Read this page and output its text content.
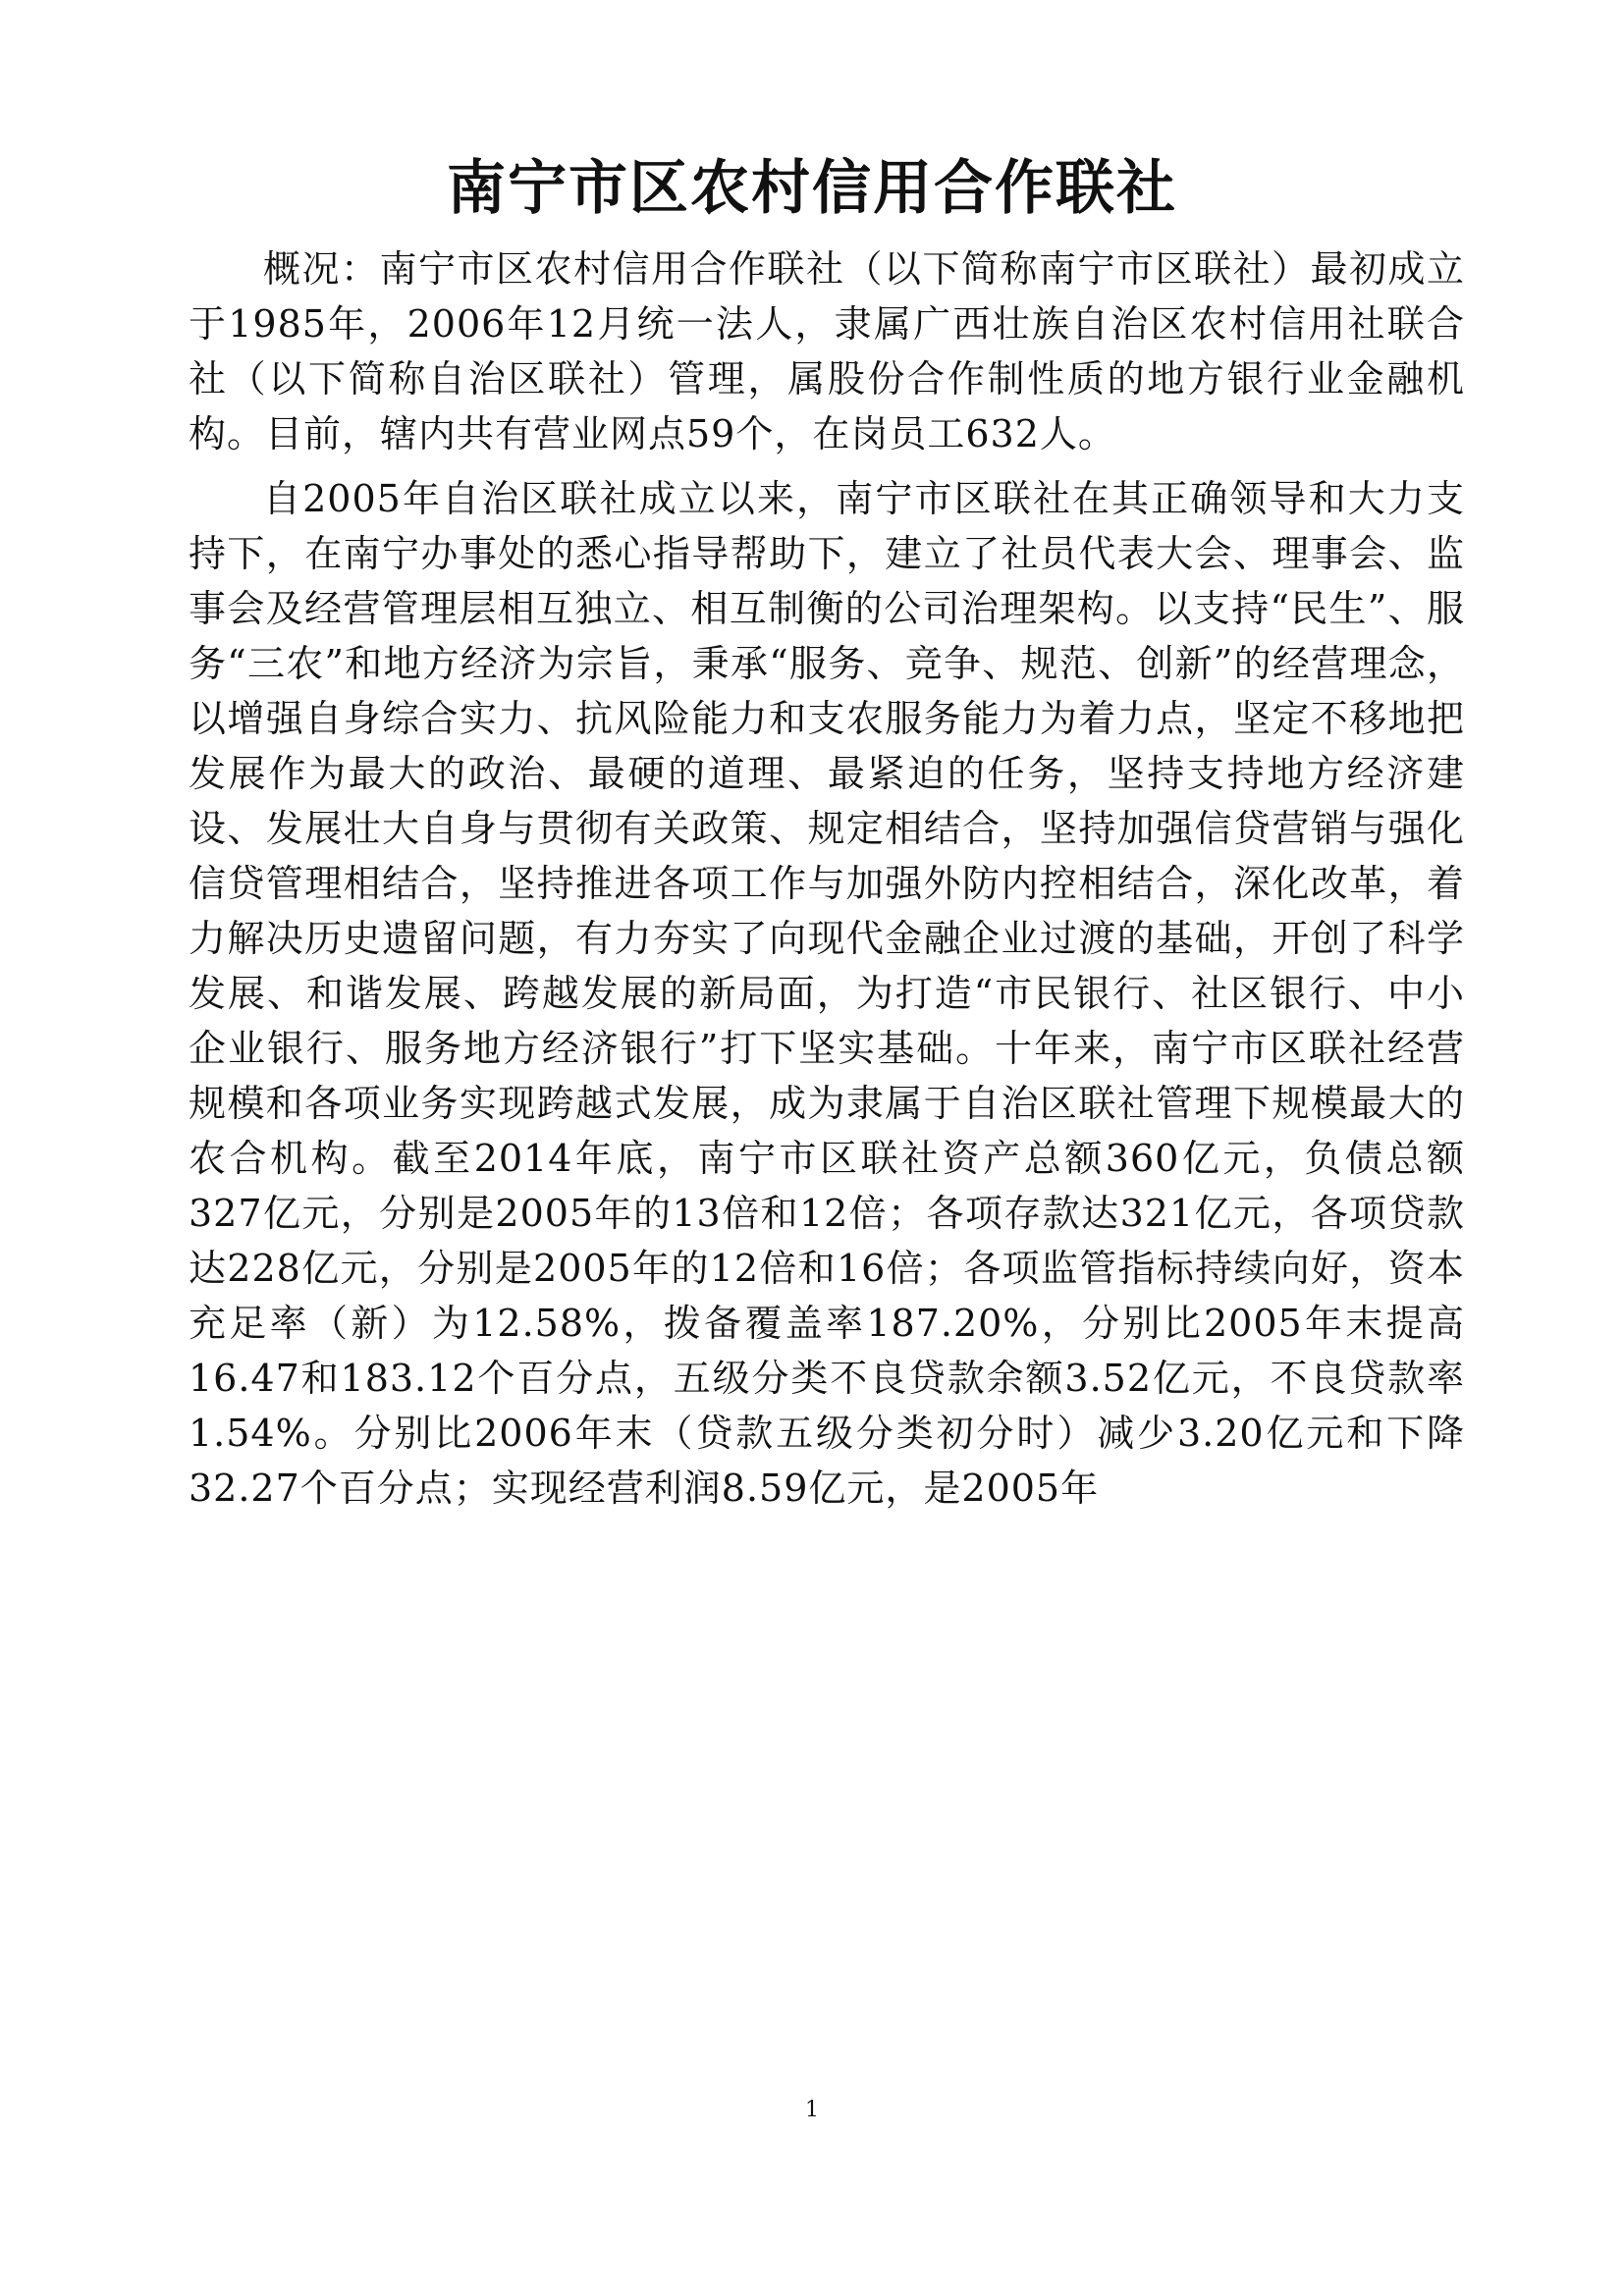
南宁市区农村信用合作联社

概况：南宁市区农村信用合作联社（以下简称南宁市区联社）最初成立于1985年，2006年12月统一法人，隶属广西壮族自治区农村信用社联合社（以下简称自治区联社）管理，属股份合作制性质的地方银行业金融机构。目前，辖内共有营业网点59个，在岗员工632人。

自2005年自治区联社成立以来，南宁市区联社在其正确领导和大力支持下，在南宁办事处的悉心指导帮助下，建立了社员代表大会、理事会、监事会及经营管理层相互独立、相互制衡的公司治理架构。以支持“民生”、服务“三农”和地方经济为宗旨，秉承“服务、竞争、规范、创新”的经营理念，以增强自身综合实力、抗风险能力和支农服务能力为着力点，坚定不移地把发展作为最大的政治、最硬的道理、最紧迫的任务，坚持支持地方经济建设、发展壮大自身与贯彻有关政策、规定相结合，坚持加强信贷营销与强化信贷管理相结合，坚持推进各项工作与加强外防内控相结合，深化改革，着力解决历史遗留问题，有力夯实了向现代金融企业过渡的基础，开创了科学发展、和谐发展、跨越发展的新局面，为打造“市民银行、社区银行、中小企业银行、服务地方经济银行”打下坚实基础。十年来，南宁市区联社经营规模和各项业务实现跨越式发展，成为隶属于自治区联社管理下规模最大的农合机构。截至2014年底，南宁市区联社资产总额360亿元，负债总额327亿元，分别是2005年的13倍和12倍；各项存款达321亿元，各项贷款达228亿元，分别是2005年的12倍和16倍；各项监管指标持续向好，资本充足率（新）为12.58%，拨备覆盖率187.20%，分别比2005年末提高16.47和183.12个百分点，五级分类不良贷款余额3.52亿元，不良贷款率1.54%。分别比2006年末（贷款五级分类初分时）减少3.20亿元和下降32.27个百分点；实现经营利润8.59亿元，是2005年

1
